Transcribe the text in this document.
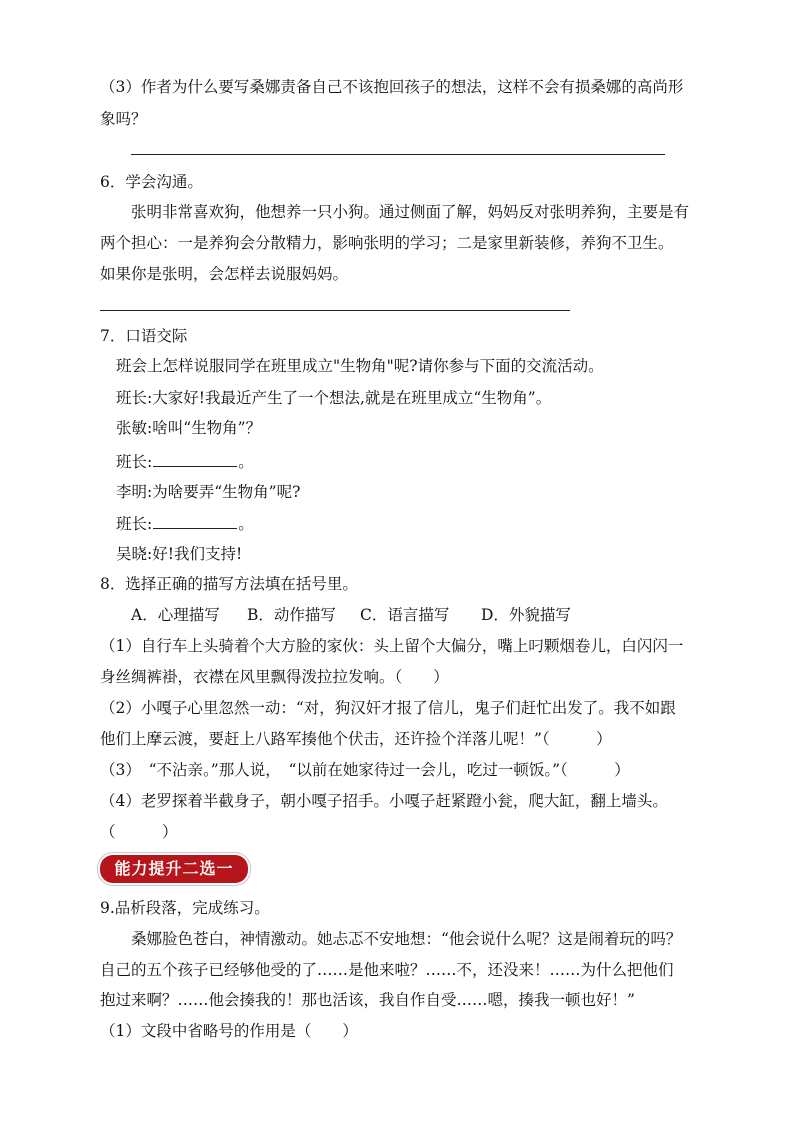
（3）作者为什么要写桑娜责备自己不该抱回孩子的想法，这样不会有损桑娜的高尚形
象吗？
6．学会沟通。
张明非常喜欢狗，他想养一只小狗。通过侧面了解，妈妈反对张明养狗，主要是有
两个担心：一是养狗会分散精力，影响张明的学习；二是家里新装修，养狗不卫生。
如果你是张明，会怎样去说服妈妈。
7．口语交际
班会上怎样说服同学在班里成立"生物角"呢?请你参与下面的交流活动。
班长:大家好!我最近产生了一个想法,就是在班里成立“生物角”。
张敏:啥叫“生物角”？
班长:	。
李明:为啥要弄“生物角”呢?
班长:	。
吴晓:好!我们支持!
8．选择正确的描写方法填在括号里。
A．心理描写 B．动作描写 C．语言描写 D．外貌描写
（1）自行车上头骑着个大方脸的家伙：头上留个大偏分，嘴上叼颗烟卷儿，白闪闪一
身丝绸裤褂，衣襟在风里飘得泼拉拉发响。（　　）
（2）小嘎子心里忽然一动：“对，狗汉奸才报了信儿，鬼子们赶忙出发了。我不如跟
他们上摩云渡，要赶上八路军揍他个伏击，还许捡个洋落儿呢！”（　　　）
（3）　“不沾亲。”那人说，　“以前在她家待过一会儿，吃过一顿饭。”（　　　）
（4）老罗探着半截身子，朝小嘎子招手。小嘎子赶紧蹬小瓮，爬大缸，翻上墙头。
（　　　）
能力提升二选一
9.品析段落，完成练习。
桑娜脸色苍白，神情激动。她忐忑不安地想：“他会说什么呢？这是闹着玩的吗？
自己的五个孩子已经够他受的了……是他来啦？……不，还没来！……为什么把他们
抱过来啊？……他会揍我的！那也活该，我自作自受……嗯，揍我一顿也好！”
（1）文段中省略号的作用是（　　）
